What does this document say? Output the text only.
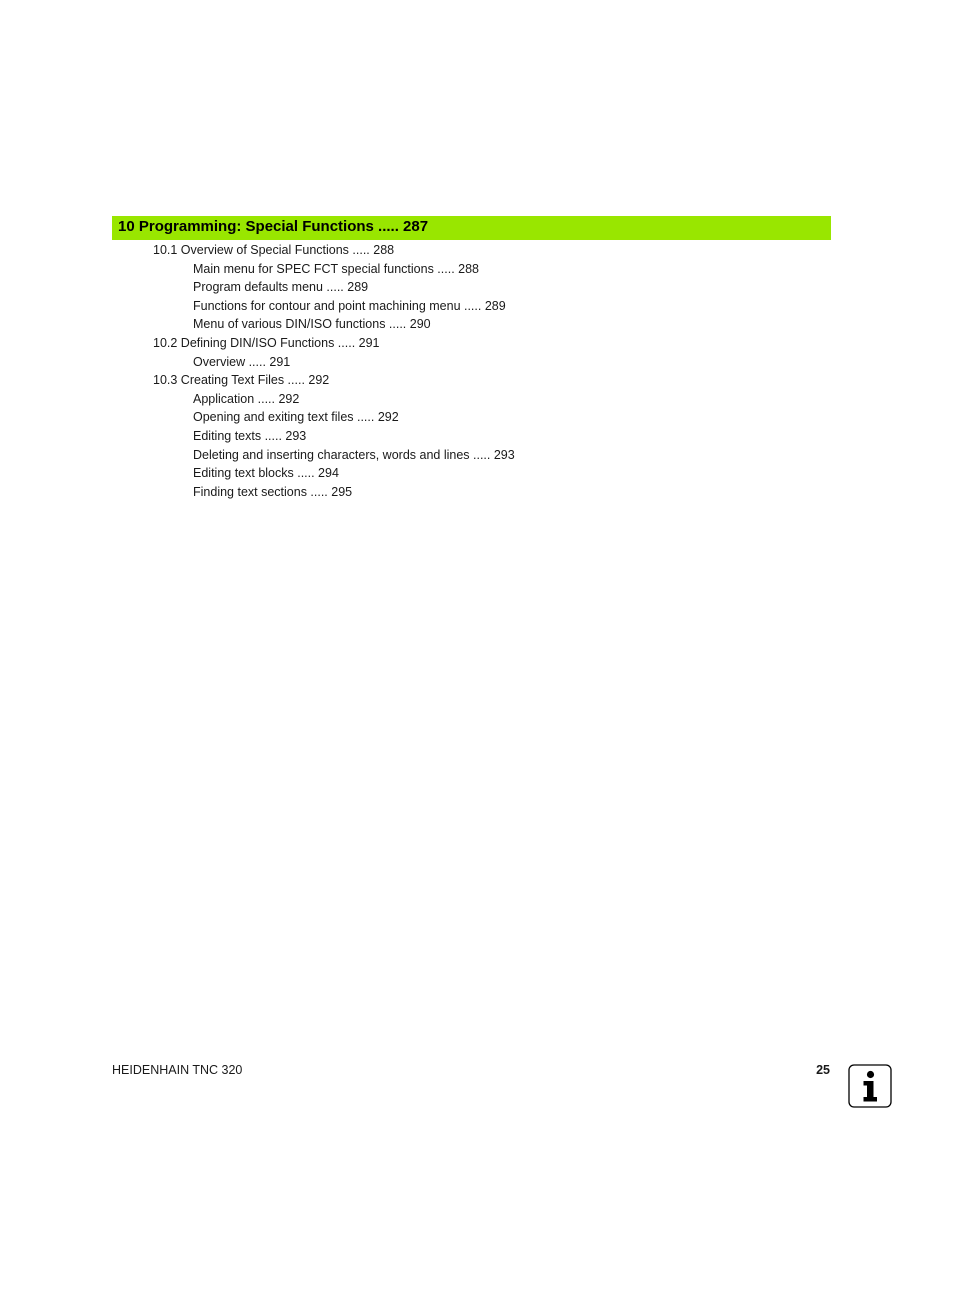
10 Programming: Special Functions ..... 287
10.1 Overview of Special Functions ..... 288
Main menu for SPEC FCT special functions ..... 288
Program defaults menu ..... 289
Functions for contour and point machining menu ..... 289
Menu of various DIN/ISO functions ..... 290
10.2 Defining DIN/ISO Functions ..... 291
Overview ..... 291
10.3 Creating Text Files ..... 292
Application ..... 292
Opening and exiting text files ..... 292
Editing texts ..... 293
Deleting and inserting characters, words and lines ..... 293
Editing text blocks ..... 294
Finding text sections ..... 295
HEIDENHAIN TNC 320	25
